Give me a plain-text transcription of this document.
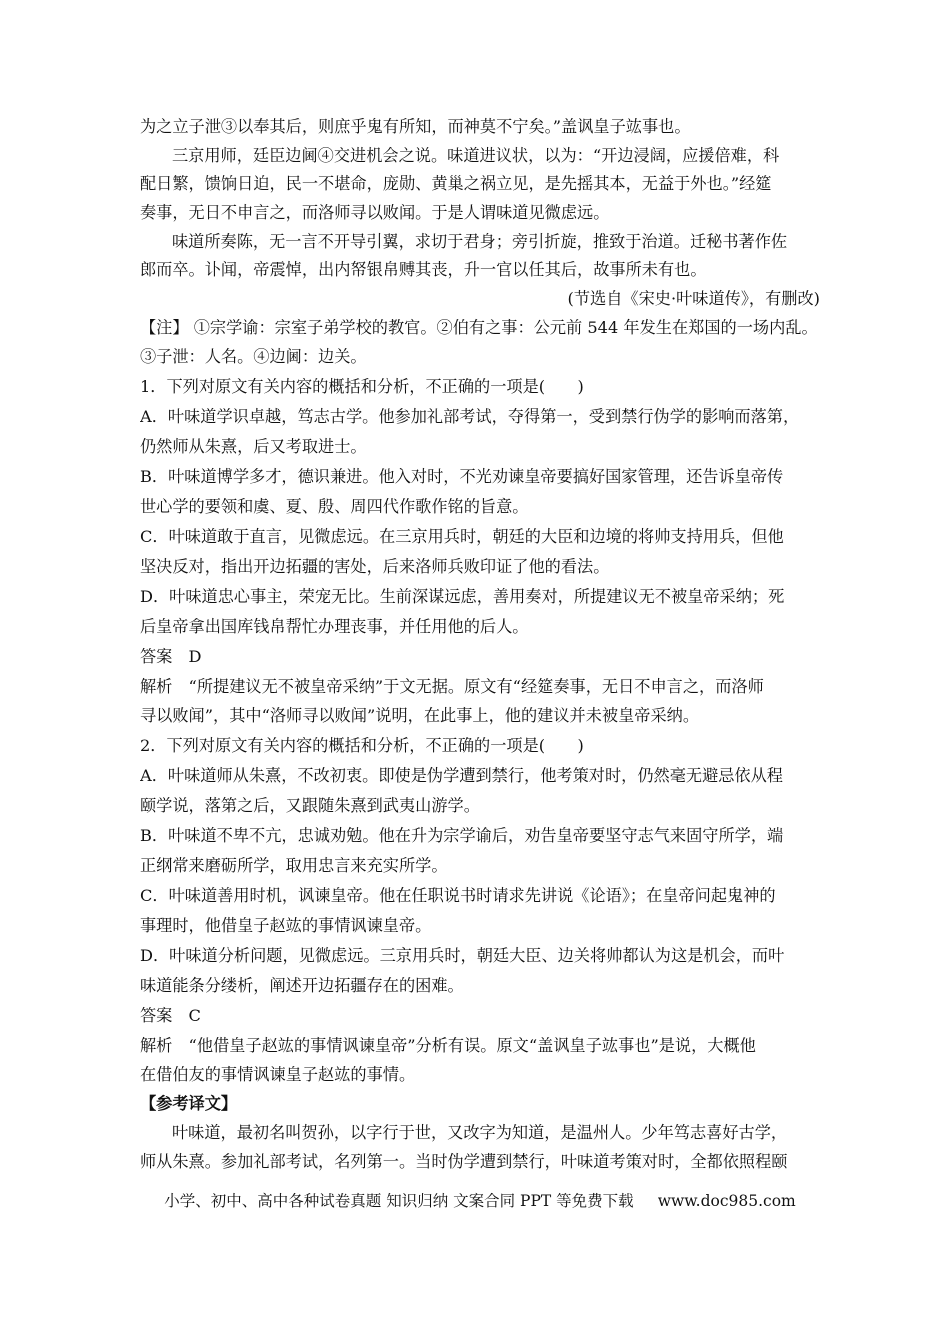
为之立子泄③以奉其后，则庶乎鬼有所知，而神莫不宁矣。”盖讽皇子竑事也。
三京用师，廷臣边阃④交进机会之说。味道进议状，以为：“开边浸阔，应援倍难，科
配日繁，馈饷日迫，民一不堪命，庞勋、黄巢之祸立见，是先摇其本，无益于外也。”经筵
奏事，无日不申言之，而洛师寻以败闻。于是人谓味道见微虑远。
味道所奏陈，无一言不开导引翼，求切于君身；旁引折旋，推致于治道。迁秘书著作佐
郎而卒。讣闻，帝震悼，出内帑银帛赙其丧，升一官以任其后，故事所未有也。
(节选自《宋史·叶味道传》，有删改)
【注】 ①宗学谕：宗室子弟学校的教官。②伯有之事：公元前 544 年发生在郑国的一场内乱。
③子泄：人名。④边阃：边关。
1．下列对原文有关内容的概括和分析，不正确的一项是(　　)
A．叶味道学识卓越，笃志古学。他参加礼部考试，夺得第一，受到禁行伪学的影响而落第，
仍然师从朱熹，后又考取进士。
B．叶味道博学多才，德识兼进。他入对时，不光劝谏皇帝要搞好国家管理，还告诉皇帝传
世心学的要领和虞、夏、殷、周四代作歌作铭的旨意。
C．叶味道敢于直言，见微虑远。在三京用兵时，朝廷的大臣和边境的将帅支持用兵，但他
坚决反对，指出开边拓疆的害处，后来洛师兵败印证了他的看法。
D．叶味道忠心事主，荣宠无比。生前深谋远虑，善用奏对，所提建议无不被皇帝采纳；死
后皇帝拿出国库钱帛帮忙办理丧事，并任用他的后人。
答案　D
解析　“所提建议无不被皇帝采纳”于文无据。原文有“经筵奏事，无日不申言之，而洛师
寻以败闻”，其中“洛师寻以败闻”说明，在此事上，他的建议并未被皇帝采纳。
2．下列对原文有关内容的概括和分析，不正确的一项是(　　)
A．叶味道师从朱熹，不改初衷。即使是伪学遭到禁行，他考策对时，仍然毫无避忌依从程
颐学说，落第之后，又跟随朱熹到武夷山游学。
B．叶味道不卑不亢，忠诚劝勉。他在升为宗学谕后，劝告皇帝要坚守志气来固守所学，端
正纲常来磨砺所学，取用忠言来充实所学。
C．叶味道善用时机，讽谏皇帝。他在任职说书时请求先讲说《论语》；在皇帝问起鬼神的
事理时，他借皇子赵竑的事情讽谏皇帝。
D．叶味道分析问题，见微虑远。三京用兵时，朝廷大臣、边关将帅都认为这是机会，而叶
味道能条分缕析，阐述开边拓疆存在的困难。
答案　C
解析　“他借皇子赵竑的事情讽谏皇帝”分析有误。原文“盖讽皇子竑事也”是说，大概他
在借伯友的事情讽谏皇子赵竑的事情。
【参考译文】
叶味道，最初名叫贺孙，以字行于世，又改字为知道，是温州人。少年笃志喜好古学，
师从朱熹。参加礼部考试，名列第一。当时伪学遭到禁行，叶味道考策对时，全都依照程颐
小学、初中、高中各种试卷真题 知识归纳 文案合同 PPT 等免费下载 www.doc985.com
